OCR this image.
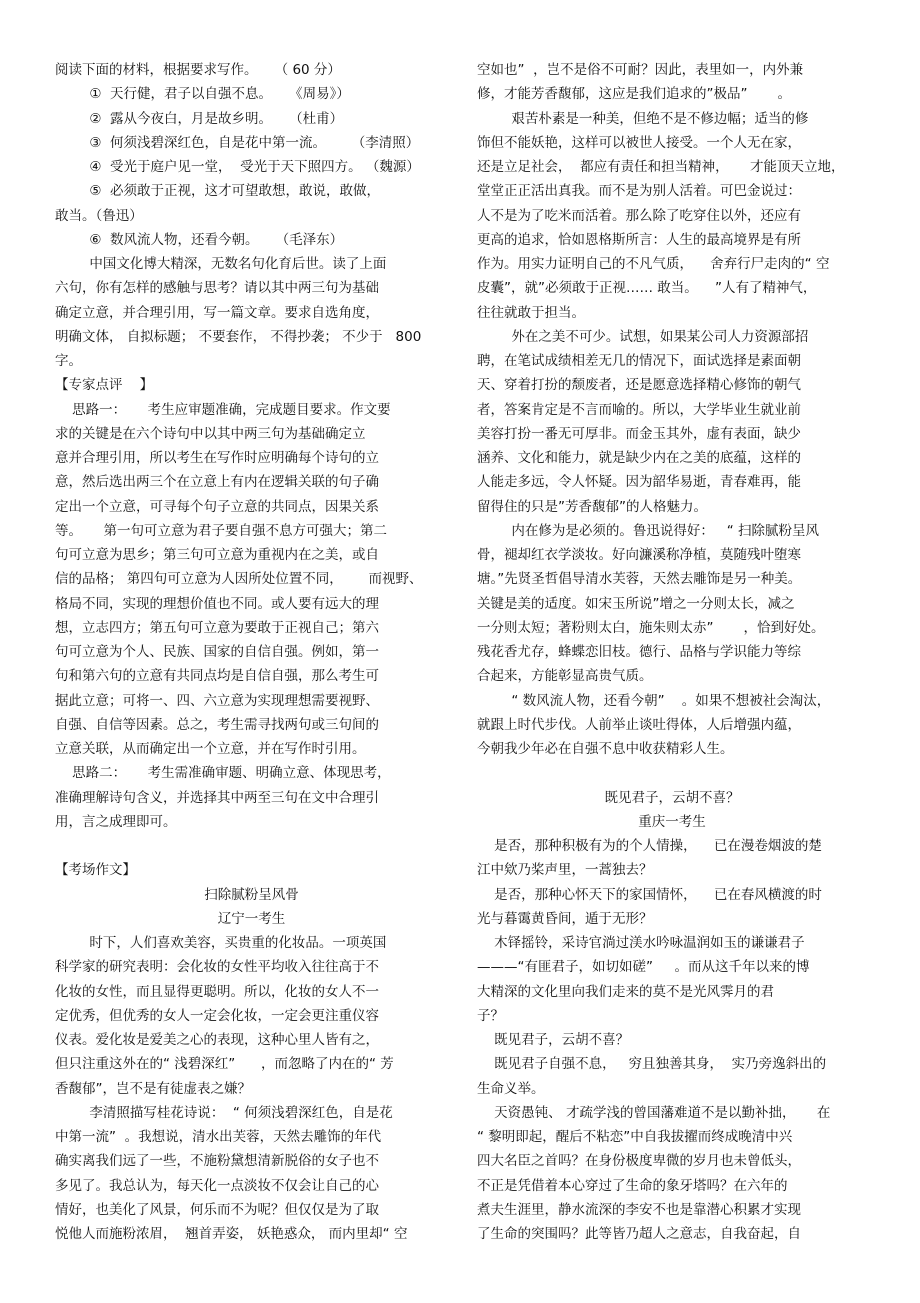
阅读下面的材料，根据要求写作。    （ 60 分）
①  天行健，君子以自强不息。    《周易》）
②  露从今夜白，月是故乡明。    （杜甫）
③  何须浅碧深红色，自是花中第一流。      （李清照）
④  受光于庭户见一堂，  受光于天下照四方。 （魏源）
⑤  必须敢于正视，这才可望敢想，敢说，敢做，
敢当。（鲁迅）
⑥  数风流人物，还看今朝。    （毛泽东）
中国文化博大精深，无数名句化育后世。读了上面
六句，你有怎样的感触与思考？请以其中两三句为基础
确定立意，并合理引用，写一篇文章。要求自选角度，
明确文体， 自拟标题； 不要套作， 不得抄袭； 不少于   800
字。
【专家点评    】
思路一：     考生应审题准确，完成题目要求。作文要
求的关键是在六个诗句中以其中两三句为基础确定立
意并合理引用，所以考生在写作时应明确每个诗句的立
意，然后选出两三个在立意上有内在逻辑关联的句子确
定出一个立意，可寻每个句子立意的共同点，因果关系
等。     第一句可立意为君子要自强不息方可强大；第二
句可立意为思乡；第三句可立意为重视内在之美，或自
信的品格； 第四句可立意为人因所处位置不同，      而视野、
格局不同，实现的理想价值也不同。或人要有远大的理
想，立志四方；第五句可立意为要敢于正视自己；第六
句可立意为个人、民族、国家的自信自强。例如，第一
句和第六句的立意有共同点均是自信自强，那么考生可
据此立意；可将一、四、六立意为实现理想需要视野、
自强、自信等因素。总之，考生需寻找两句或三句间的
立意关联，从而确定出一个立意，并在写作时引用。
思路二：     考生需准确审题、明确立意、体现思考，
准确理解诗句含义，并选择其中两至三句在文中合理引
用，言之成理即可。
【考场作文】
扫除腻粉呈风骨
辽宁一考生
时下，人们喜欢美容，买贵重的化妆品。一项英国
科学家的研究表明：会化妆的女性平均收入往往高于不
化妆的女性，而且显得更聪明。所以，化妆的女人不一
定优秀，但优秀的女人一定会化妆，一定会更注重仪容
仪表。爱化妆是爱美之心的表现，这种心里人皆有之，
但只注重这外在的“ 浅碧深红”      ，而忽略了内在的“ 芳
香馥郁”，岂不是有徒虚表之嫌？
李清照描写桂花诗说：  “ 何须浅碧深红色，自是花
中第一流”  。我想说，清水出芙蓉，天然去雕饰的年代
确实离我们远了一些，不施粉黛想清新脱俗的女子也不
多见了。我总认为，每天化一点淡妆不仅会让自己的心
情好，也美化了风景，何乐而不为呢？但仅仅是为了取
悦他人而施粉浓眉，  翘首弄姿， 妖艳惑众， 而内里却“ 空
空如也”  ，岂不是俗不可耐？因此，表里如一，内外兼
修，才能芳香馥郁，这应是我们追求的”极品”       。
艰苦朴素是一种美，但绝不是不修边幅；适当的修
饰但不能妖艳，这样可以被世人接受。一个人无在家，
还是立足社会，  都应有责任和担当精神，     才能顶天立地，
堂堂正正活出真我。而不是为别人活着。可巴金说过：
人不是为了吃米而活着。那么除了吃穿住以外，还应有
更高的追求，恰如恩格斯所言：人生的最高境界是有所
作为。用实力证明自己的不凡气质，    舍弃行尸走肉的“ 空
皮囊”，就”必须敢于正视…… 敢当。    ”人有了精神气，
往往就敢于担当。
外在之美不可少。试想，如果某公司人力资源部招
聘，在笔试成绩相差无几的情况下，面试选择是素面朝
天、穿着打扮的颓废者，还是愿意选择精心修饰的朝气
者，答案肯定是不言而喻的。所以，大学毕业生就业前
美容打扮一番无可厚非。而金玉其外，虚有表面，缺少
涵养、文化和能力，就是缺少内在之美的底蕴，这样的
人能走多远，令人怀疑。因为韶华易逝，青春难再，能
留得住的只是”芳香馥郁”的人格魅力。
内在修为是必须的。鲁迅说得好：   “ 扫除腻粉呈风
骨，褪却红衣学淡妆。好向濂溪称净植，莫随残叶堕寒
塘。”先贤圣哲倡导清水芙蓉，天然去雕饰是另一种美。
关键是美的适度。如宋玉所说”增之一分则太长，减之
一分则太短；著粉则太白，施朱则太赤”       ，恰到好处。
残花香尤存，蜂蝶恋旧枝。德行、品格与学识能力等综
合起来，方能彰显高贵气质。
“ 数风流人物，还看今朝”    。如果不想被社会淘汰，
就跟上时代步伐。人前举止谈吐得体，人后增强内蕴，
今朝我少年必在自强不息中收获精彩人生。
既见君子，云胡不喜？
重庆一考生
是否，那种积极有为的个人情操，    已在漫卷烟波的楚
江中欸乃桨声里，一蒿独去？
是否，那种心怀天下的家国情怀，    已在春风横渡的时
光与暮霭黄昏间，遁于无形？
木铎摇铃，采诗官淌过渼水吟咏温润如玉的谦谦君子
———“有匪君子，如切如磋”     。而从这千年以来的博
大精深的文化里向我们走来的莫不是光风霁月的君
子？
既见君子，云胡不喜？
既见君子自强不息，   穷且独善其身，  实乃旁逸斜出的
生命义举。
天资愚钝、 才疏学浅的曾国藩难道不是以勤补拙，     在
“ 黎明即起，醒后不粘恋”中自我拔擢而终成晚清中兴
四大名臣之首吗？在身份极度卑微的岁月也未曾低头，
不正是凭借着本心穿过了生命的象牙塔吗？在六年的
煮夫生涯里，静水流深的李安不也是靠潜心积累才实现
了生命的突围吗？此等皆乃超人之意志，自我奋起，自
